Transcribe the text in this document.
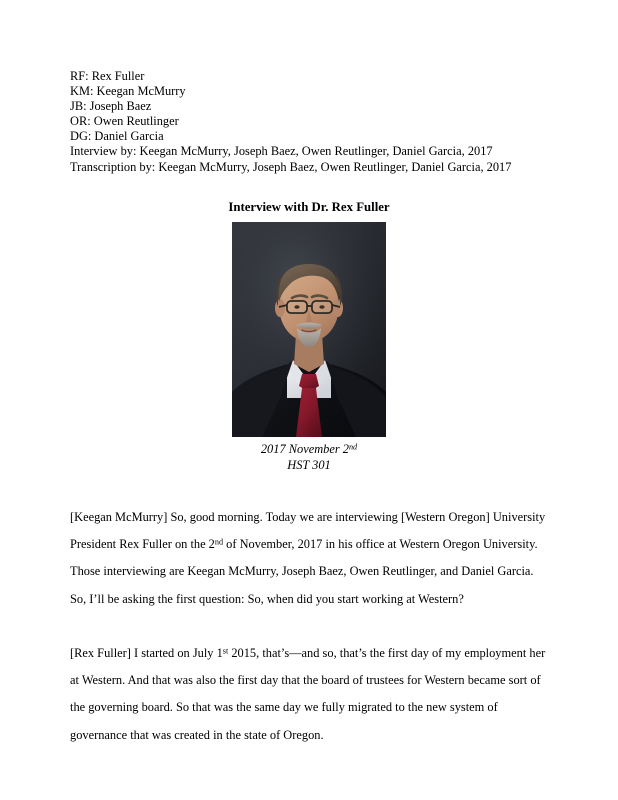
RF: Rex Fuller
KM: Keegan McMurry
JB: Joseph Baez
OR: Owen Reutlinger
DG: Daniel Garcia
Interview by: Keegan McMurry, Joseph Baez, Owen Reutlinger, Daniel Garcia, 2017
Transcription by: Keegan McMurry, Joseph Baez, Owen Reutlinger, Daniel Garcia, 2017
Interview with Dr. Rex Fuller
2017 November 2nd
HST 301

[Keegan McMurry] So, good morning. Today we are interviewing [Western Oregon] University President Rex Fuller on the 2nd of November, 2017 in his office at Western Oregon University. Those interviewing are Keegan McMurry, Joseph Baez, Owen Reutlinger, and Daniel Garcia. So, I’ll be asking the first question: So, when did you start working at Western?

[Rex Fuller] I started on July 1st 2015, that’s—and so, that’s the first day of my employment her at Western. And that was also the first day that the board of trustees for Western became sort of the governing board. So that was the same day we fully migrated to the new system of governance that was created in the state of Oregon.
